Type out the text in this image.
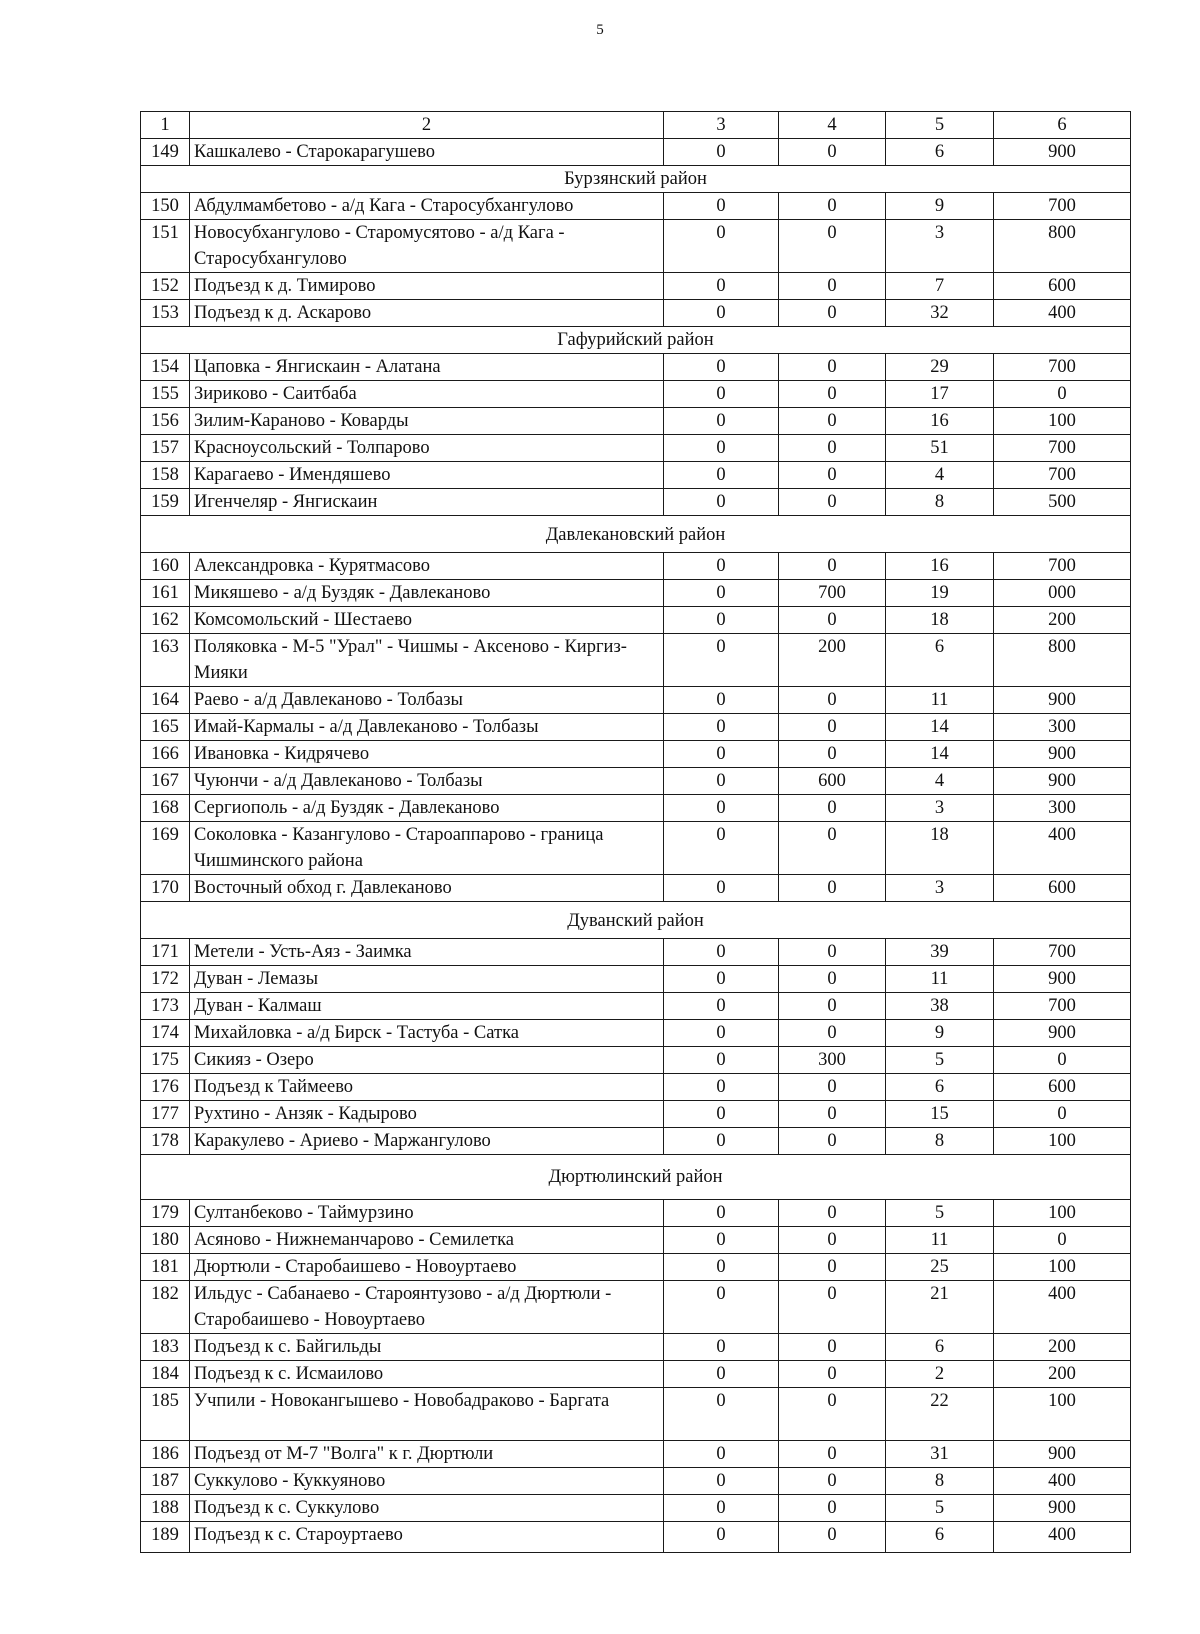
5
1	2	3	4	5	6
149	Кашкалево - Старокарагушево	0	0	6	900
Бурзянский район					
150	Абдулмамбетово - а/д Кага - Старосубхангулово	0	0	9	700
151	Новосубхангулово - Старомусятово - а/д Кага - Старосубхангулово	0	0	3	800
152	Подъезд к д. Тимирово	0	0	7	600
153	Подъезд к д. Аскарово	0	0	32	400
Гафурийский район					
154	Цаповка - Янгискаин - Алатана	0	0	29	700
155	Зириково - Саитбаба	0	0	17	0
156	Зилим-Караново - Коварды	0	0	16	100
157	Красноусольский - Толпарово	0	0	51	700
158	Карагаево - Имендяшево	0	0	4	700
159	Игенчеляр - Янгискаин	0	0	8	500
Давлекановский район					
160	Александровка - Курятмасово	0	0	16	700
161	Микяшево - а/д Буздяк - Давлеканово	0	700	19	000
162	Комсомольский - Шестаево	0	0	18	200
163	Поляковка - М-5 "Урал" - Чишмы - Аксеново - Киргиз-Мияки	0	200	6	800
164	Раево - а/д Давлеканово - Толбазы	0	0	11	900
165	Имай-Кармалы - а/д Давлеканово - Толбазы	0	0	14	300
166	Ивановка - Кидрячево	0	0	14	900
167	Чуюнчи - а/д Давлеканово - Толбазы	0	600	4	900
168	Сергиополь - а/д Буздяк - Давлеканово	0	0	3	300
169	Соколовка - Казангулово - Староаппарово - граница Чишминского района	0	0	18	400
170	Восточный обход г. Давлеканово	0	0	3	600
Дуванский район					
171	Метели - Усть-Аяз - Заимка	0	0	39	700
172	Дуван - Лемазы	0	0	11	900
173	Дуван - Калмаш	0	0	38	700
174	Михайловка - а/д Бирск - Тастуба - Сатка	0	0	9	900
175	Сикияз - Озеро	0	300	5	0
176	Подъезд к Таймеево	0	0	6	600
177	Рухтино - Анзяк - Кадырово	0	0	15	0
178	Каракулево - Ариево - Маржангулово	0	0	8	100
Дюртюлинский район					
179	Султанбеково - Таймурзино	0	0	5	100
180	Асяново - Нижнеманчарово - Семилетка	0	0	11	0
181	Дюртюли - Старобаишево - Новоуртаево	0	0	25	100
182	Ильдус - Сабанаево - Староянтузово - а/д Дюртюли - Старобаишево - Новоуртаево	0	0	21	400
183	Подъезд к с. Байгильды	0	0	6	200
184	Подъезд к с. Исмаилово	0	0	2	200
185	Учпили - Новокангышево - Новобадраково - Баргата	0	0	22	100
186	Подъезд от М-7 "Волга" к г. Дюртюли	0	0	31	900
187	Суккулово - Куккуяново	0	0	8	400
188	Подъезд к с. Суккулово	0	0	5	900
189	Подъезд к с. Староуртаево	0	0	6	400
